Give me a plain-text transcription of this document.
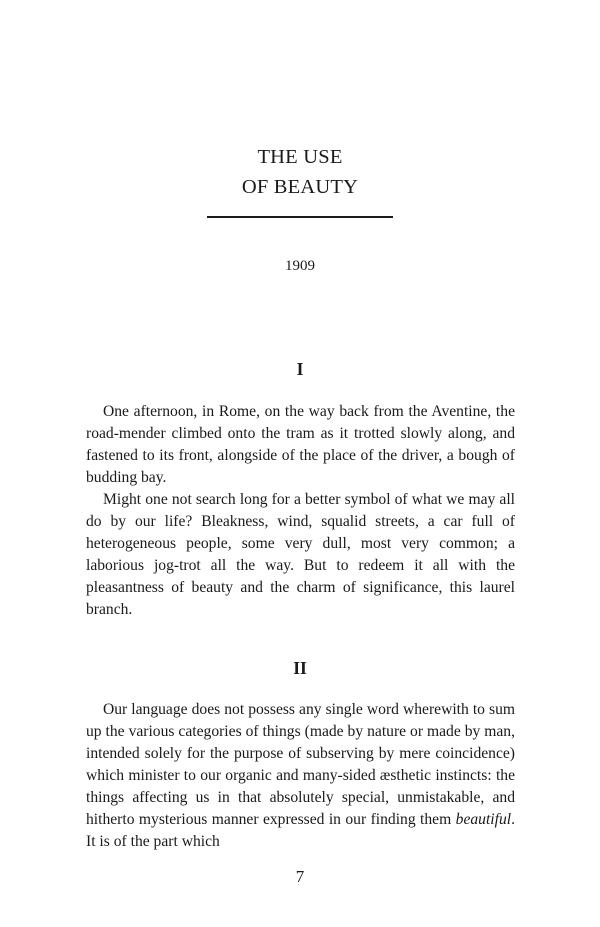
THE USE
OF BEAUTY
1909
I

One afternoon, in Rome, on the way back from the Aventine, the road-mender climbed onto the tram as it trotted slowly along, and fastened to its front, alongside of the place of the driver, a bough of budding bay.

Might one not search long for a better symbol of what we may all do by our life? Bleakness, wind, squalid streets, a car full of heterogeneous people, some very dull, most very common; a laborious jog-trot all the way. But to redeem it all with the pleasantness of beauty and the charm of significance, this laurel branch.

II

Our language does not possess any single word wherewith to sum up the various categories of things (made by nature or made by man, intended solely for the purpose of subserving by mere coincidence) which minister to our organic and many-sided æsthetic instincts: the things affecting us in that absolutely special, unmistakable, and hitherto mysterious manner expressed in our finding them beautiful. It is of the part which

7
